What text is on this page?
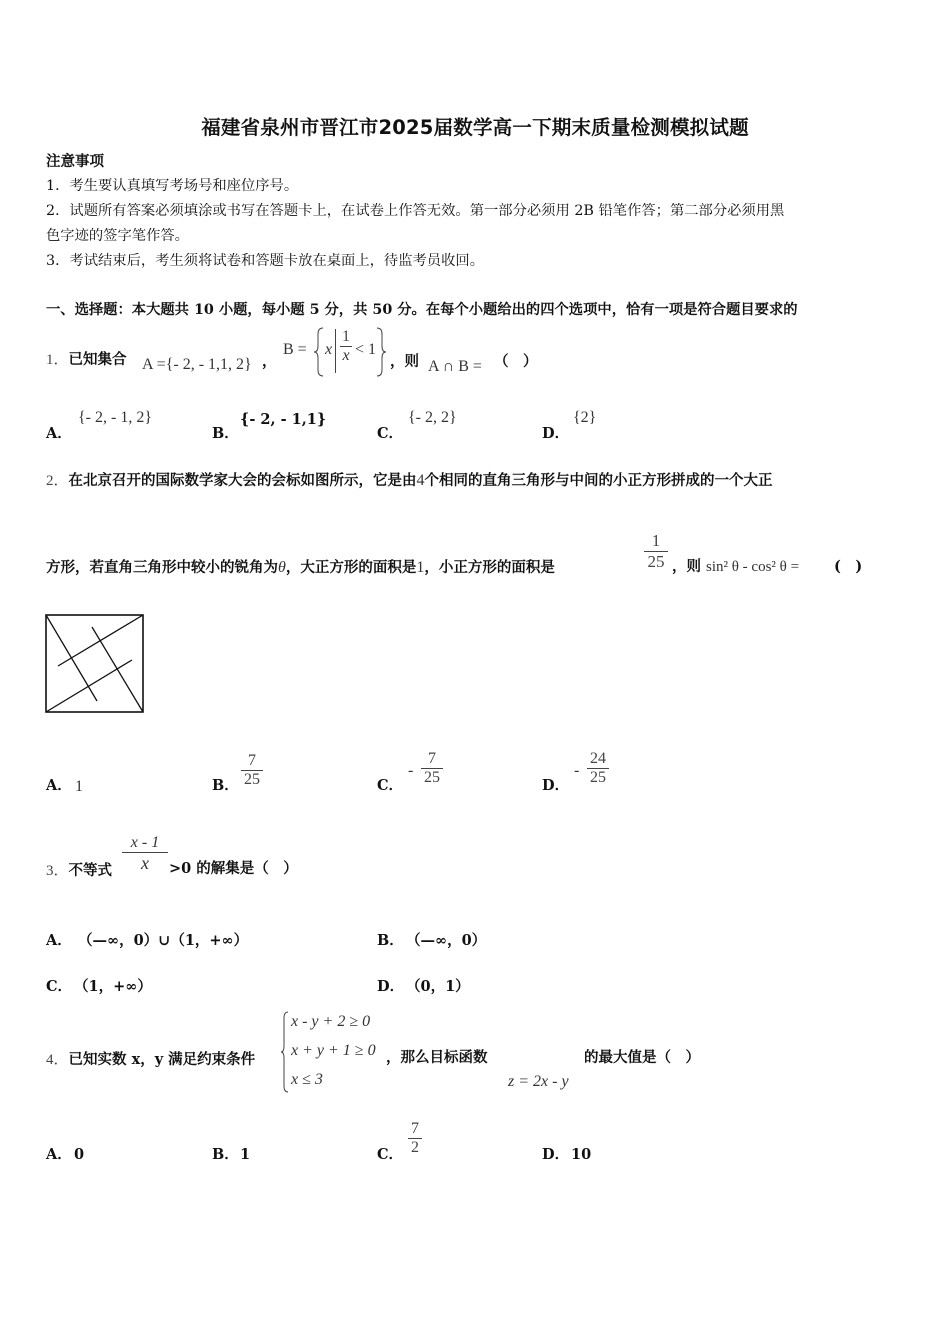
福建省泉州市晋江市2025届数学高一下期末质量检测模拟试题
注意事项
1．考生要认真填写考场号和座位序号。
2．试题所有答案必须填涂或书写在答题卡上，在试卷上作答无效。第一部分必须用 2B 铅笔作答；第二部分必须用黑
色字迹的签字笔作答。
3．考试结束后，考生须将试卷和答题卡放在桌面上，待监考员收回。
一、选择题：本大题共 10 小题，每小题 5 分，共 50 分。在每个小题给出的四个选项中，恰有一项是符合题目要求的
1．已知集合 A ={- 2, - 1,1, 2} ，
B = x
1
x < 1
，则 A ∩ B = （　）
A．
{- 2, - 1, 2}
B．
{- 2, - 1,1}
C．
{- 2, 2}
D．
{2}
2．在北京召开的国际数学家大会的会标如图所示，它是由4个相同的直角三角形与中间的小正方形拼成的一个大正
方形，若直角三角形中较小的锐角为θ，大正方形的面积是1，小正方形的面积是
1
25 ，则 sin² θ - cos² θ = (　)
A． 1	B．
7
25	C．
-
7
25	D．
-
24
25
3．不等式
x - 1
x	>0 的解集是（　）
A． （—∞，0）∪（1，+∞）	B． （—∞，0）
C． （1，+∞）	D． （0，1）
4．已知实数 x，y 满足约束条件
x - y + 2 ≥ 0
x + y + 1 ≥ 0
x ≤ 3
，那么目标函数	的最大值是（　）
z = 2x - y
A． 0	B． 1	C．
7
2	D． 10
